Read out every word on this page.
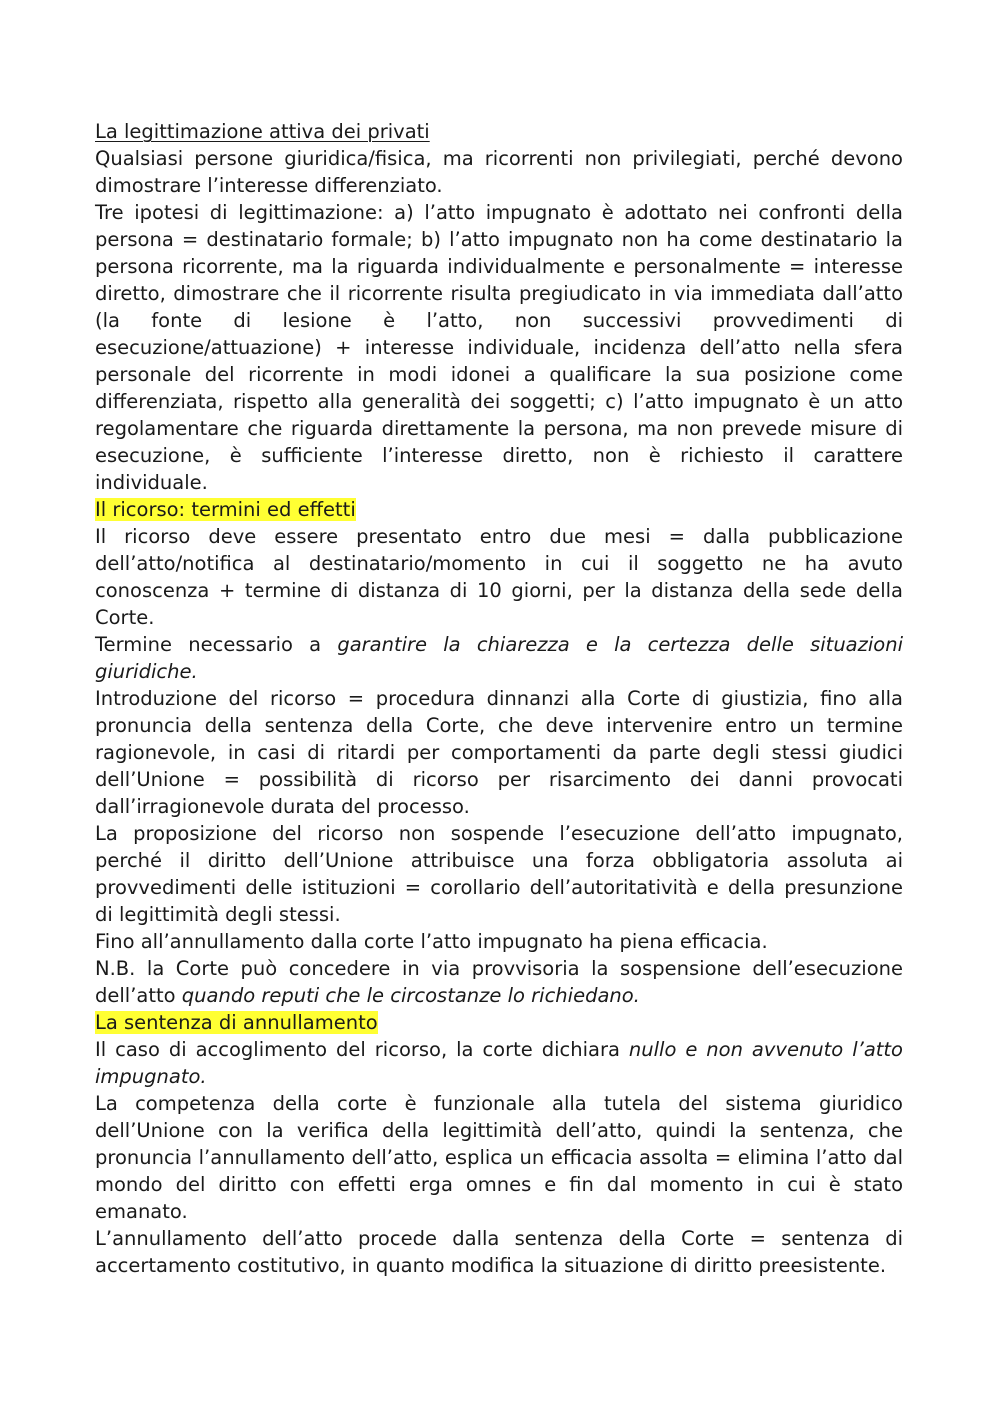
La legittimazione attiva dei privati

Qualsiasi persone giuridica/fisica, ma ricorrenti non privilegiati, perché devono dimostrare l’interesse differenziato.

Tre ipotesi di legittimazione: a) l’atto impugnato è adottato nei confronti della persona = destinatario formale; b) l’atto impugnato non ha come destinatario la persona ricorrente, ma la riguarda individualmente e personalmente = interesse diretto, dimostrare che il ricorrente risulta pregiudicato in via immediata dall’atto (la fonte di lesione è l’atto, non successivi provvedimenti di esecuzione/attuazione) + interesse individuale, incidenza dell’atto nella sfera personale del ricorrente in modi idonei a qualificare la sua posizione come differenziata, rispetto alla generalità dei soggetti; c) l’atto impugnato è un atto regolamentare che riguarda direttamente la persona, ma non prevede misure di esecuzione, è sufficiente l’interesse diretto, non è richiesto il carattere individuale.

Il ricorso: termini ed effetti

Il ricorso deve essere presentato entro due mesi = dalla pubblicazione dell’atto/notifica al destinatario/momento in cui il soggetto ne ha avuto conoscenza + termine di distanza di 10 giorni, per la distanza della sede della Corte.

Termine necessario a garantire la chiarezza e la certezza delle situazioni giuridiche.

Introduzione del ricorso = procedura dinnanzi alla Corte di giustizia, fino alla pronuncia della sentenza della Corte, che deve intervenire entro un termine ragionevole, in casi di ritardi per comportamenti da parte degli stessi giudici dell’Unione = possibilità di ricorso per risarcimento dei danni provocati dall’irragionevole durata del processo.

La proposizione del ricorso non sospende l’esecuzione dell’atto impugnato, perché il diritto dell’Unione attribuisce una forza obbligatoria assoluta ai provvedimenti delle istituzioni = corollario dell’autoritatività e della presunzione di legittimità degli stessi.

Fino all’annullamento dalla corte l’atto impugnato ha piena efficacia.

N.B. la Corte può concedere in via provvisoria la sospensione dell’esecuzione dell’atto quando reputi che le circostanze lo richiedano.

La sentenza di annullamento

Il caso di accoglimento del ricorso, la corte dichiara nullo e non avvenuto l’atto impugnato.

La competenza della corte è funzionale alla tutela del sistema giuridico dell’Unione con la verifica della legittimità dell’atto, quindi la sentenza, che pronuncia l’annullamento dell’atto, esplica un efficacia assolta = elimina l’atto dal mondo del diritto con effetti erga omnes e fin dal momento in cui è stato emanato.

L’annullamento dell’atto procede dalla sentenza della Corte = sentenza di accertamento costitutivo, in quanto modifica la situazione di diritto preesistente.
